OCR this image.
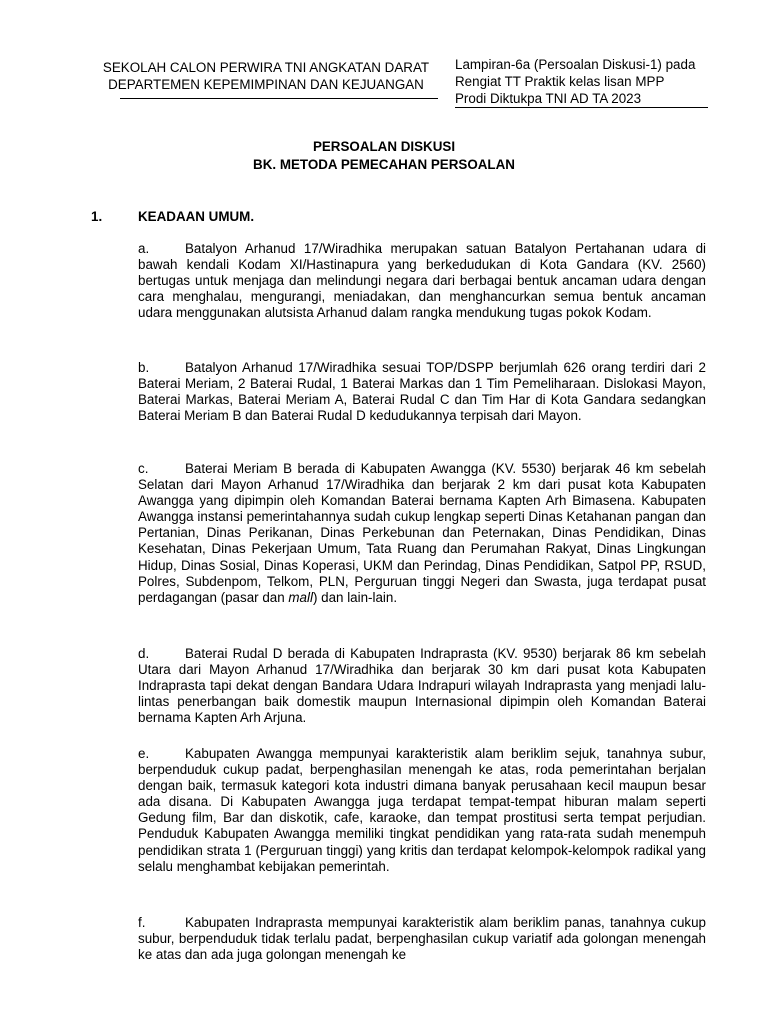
SEKOLAH CALON PERWIRA TNI ANGKATAN DARAT
DEPARTEMEN KEPEMIMPINAN DAN KEJUANGAN
Lampiran-6a (Persoalan Diskusi-1) pada
Rengiat TT Praktik kelas lisan MPP
Prodi Diktukpa TNI AD TA 2023
PERSOALAN DISKUSI
BK. METODA PEMECAHAN PERSOALAN
1.	KEADAAN UMUM.
a.	Batalyon Arhanud 17/Wiradhika merupakan satuan Batalyon Pertahanan udara di bawah kendali Kodam XI/Hastinapura yang berkedudukan di Kota Gandara (KV. 2560) bertugas untuk menjaga dan melindungi negara dari berbagai bentuk ancaman udara dengan cara menghalau, mengurangi, meniadakan, dan menghancurkan semua bentuk ancaman udara menggunakan alutsista Arhanud dalam rangka mendukung tugas pokok Kodam.
b.	Batalyon Arhanud 17/Wiradhika sesuai TOP/DSPP berjumlah 626 orang terdiri dari 2 Baterai Meriam, 2 Baterai Rudal, 1 Baterai Markas dan 1 Tim Pemeliharaan. Dislokasi Mayon, Baterai Markas, Baterai Meriam A, Baterai Rudal C dan Tim Har di Kota Gandara sedangkan Baterai Meriam B dan Baterai Rudal D kedudukannya terpisah dari Mayon.
c.	Baterai Meriam B berada di Kabupaten Awangga (KV. 5530) berjarak 46 km sebelah Selatan dari Mayon Arhanud 17/Wiradhika dan berjarak 2 km dari pusat kota Kabupaten Awangga yang dipimpin oleh Komandan Baterai bernama Kapten Arh Bimasena. Kabupaten Awangga instansi pemerintahannya sudah cukup lengkap seperti Dinas Ketahanan pangan dan Pertanian, Dinas Perikanan, Dinas Perkebunan dan Peternakan, Dinas Pendidikan, Dinas Kesehatan, Dinas Pekerjaan Umum, Tata Ruang dan Perumahan Rakyat, Dinas Lingkungan Hidup, Dinas Sosial, Dinas Koperasi, UKM dan Perindag, Dinas Pendidikan, Satpol PP, RSUD, Polres, Subdenpom, Telkom, PLN, Perguruan tinggi Negeri dan Swasta, juga terdapat pusat perdagangan (pasar dan mall) dan lain-lain.
d.	Baterai Rudal D berada di Kabupaten Indraprasta (KV. 9530) berjarak 86 km sebelah Utara dari Mayon Arhanud 17/Wiradhika dan berjarak 30 km dari pusat kota Kabupaten Indraprasta tapi dekat dengan Bandara Udara Indrapuri wilayah Indraprasta yang menjadi lalu-lintas penerbangan baik domestik maupun Internasional dipimpin oleh Komandan Baterai bernama Kapten Arh Arjuna.
e.	Kabupaten Awangga mempunyai karakteristik alam beriklim sejuk, tanahnya subur, berpenduduk cukup padat, berpenghasilan menengah ke atas, roda pemerintahan berjalan dengan baik, termasuk kategori kota industri dimana banyak perusahaan kecil maupun besar ada disana. Di Kabupaten Awangga juga terdapat tempat-tempat hiburan malam seperti Gedung film, Bar dan diskotik, cafe, karaoke, dan tempat prostitusi serta tempat perjudian. Penduduk Kabupaten Awangga memiliki tingkat pendidikan yang rata-rata sudah menempuh pendidikan strata 1 (Perguruan tinggi) yang kritis dan terdapat kelompok-kelompok radikal yang selalu menghambat kebijakan pemerintah.
f.	Kabupaten Indraprasta mempunyai karakteristik alam beriklim panas, tanahnya cukup subur, berpenduduk tidak terlalu padat, berpenghasilan cukup variatif ada golongan menengah ke atas dan ada juga golongan menengah ke
